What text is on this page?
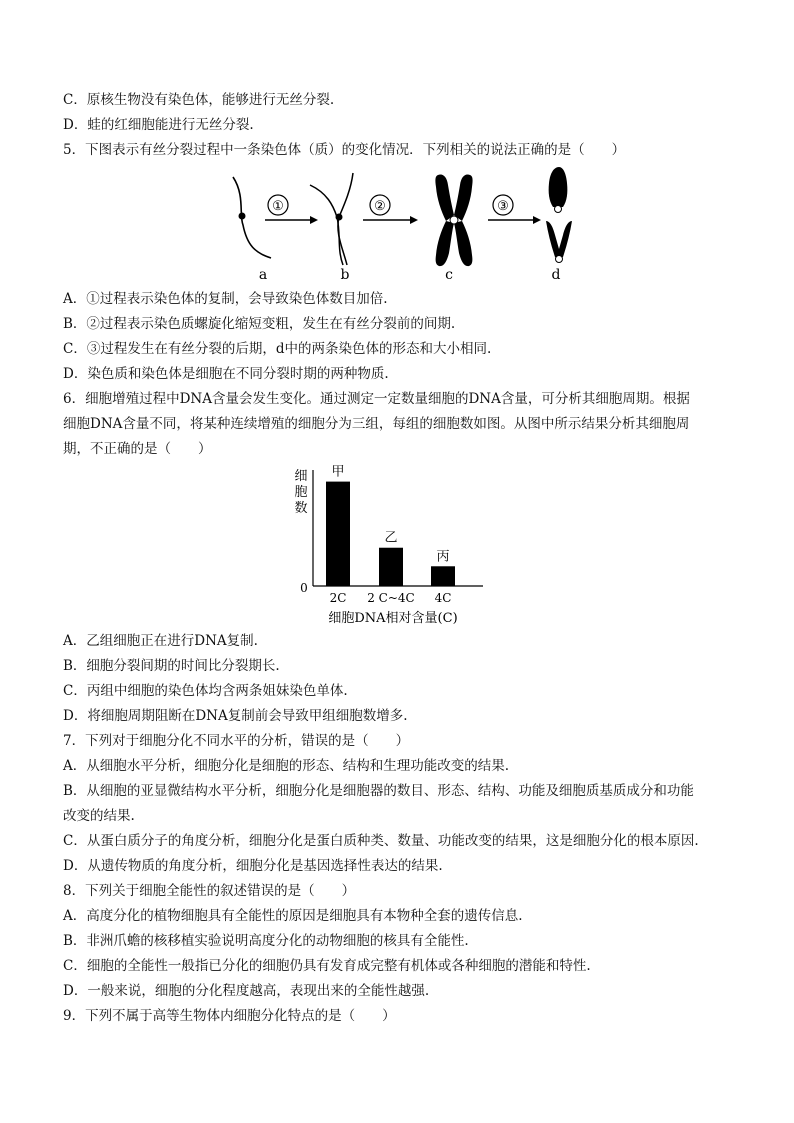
C．原核生物没有染色体，能够进行无丝分裂.
D．蛙的红细胞能进行无丝分裂.
5．下图表示有丝分裂过程中一条染色体（质）的变化情况．下列相关的说法正确的是（　　）
①	②	③
a	b	c	d
A．①过程表示染色体的复制，会导致染色体数目加倍.
B．②过程表示染色质螺旋化缩短变粗，发生在有丝分裂前的间期.
C．③过程发生在有丝分裂的后期，d中的两条染色体的形态和大小相同.
D．染色质和染色体是细胞在不同分裂时期的两种物质.
6．细胞增殖过程中DNA含量会发生变化。通过测定一定数量细胞的DNA含量，可分析其细胞周期。根据
细胞DNA含量不同，将某种连续增殖的细胞分为三组，每组的细胞数如图。从图中所示结果分析其细胞周
期，不正确的是（　　）
细
胞
数
0
甲
2C
乙
2 C~4C
丙
4C
细胞DNA相对含量(C)
A．乙组细胞正在进行DNA复制.
B．细胞分裂间期的时间比分裂期长.
C．丙组中细胞的染色体均含两条姐妹染色单体.
D．将细胞周期阻断在DNA复制前会导致甲组细胞数增多.
7．下列对于细胞分化不同水平的分析，错误的是（　　）
A．从细胞水平分析，细胞分化是细胞的形态、结构和生理功能改变的结果.
B．从细胞的亚显微结构水平分析，细胞分化是细胞器的数目、形态、结构、功能及细胞质基质成分和功能
改变的结果.
C．从蛋白质分子的角度分析，细胞分化是蛋白质种类、数量、功能改变的结果，这是细胞分化的根本原因.
D．从遗传物质的角度分析，细胞分化是基因选择性表达的结果.
8．下列关于细胞全能性的叙述错误的是（　　）
A．高度分化的植物细胞具有全能性的原因是细胞具有本物种全套的遗传信息.
B．非洲爪蟾的核移植实验说明高度分化的动物细胞的核具有全能性.
C．细胞的全能性一般指已分化的细胞仍具有发育成完整有机体或各种细胞的潜能和特性.
D．一般来说，细胞的分化程度越高，表现出来的全能性越强.
9．下列不属于高等生物体内细胞分化特点的是（　　）
